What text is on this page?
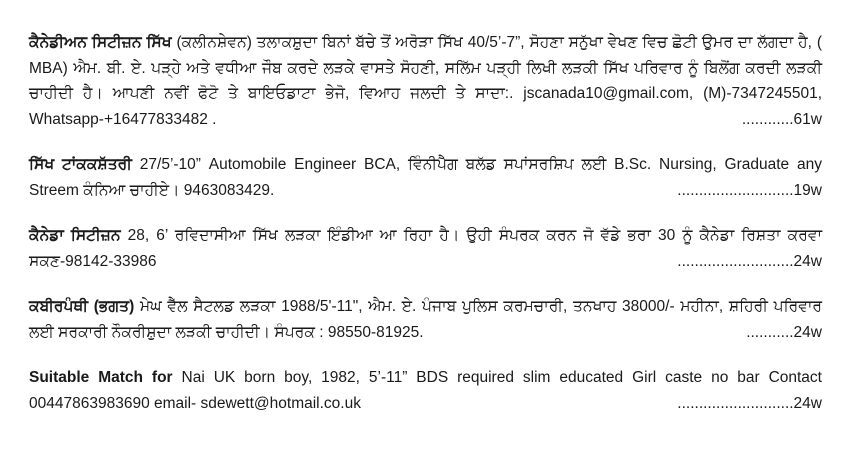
ਕੈਨੇਡੀਅਨ ਸਿਟੀਜ਼ਨ ਸਿੱਖ (ਕਲੀਨਸ਼ੇਵਨ) ਤਲਾਕਸ਼ੁਦਾ ਬਿਨਾਂ ਬੱਚੇ ਤੋਂ ਅਰੋੜਾ ਸਿੱਖ 40/5’-7”, ਸੋਹਣਾ ਸਨੁੱਖਾ ਵੇਖਣ ਵਿਚ ਛੋਟੀ ਉਮਰ ਦਾ ਲੱਗਦਾ ਹੈ, ( MBA) ਐਮ. ਬੀ. ਏ. ਪੜ੍ਹੇ ਅਤੇ ਵਧੀਆ ਜੌਬ ਕਰਦੇ ਲੜਕੇ ਵਾਸਤੇ ਸੋਹਣੀ, ਸਲਿੱਮ ਪੜ੍ਹੀ ਲਿਖੀ ਲੜਕੀ ਸਿੱਖ ਪਰਿਵਾਰ ਨੂੰ ਬਿਲੋਂਗ ਕਰਦੀ ਲੜਕੀ ਚਾਹੀਦੀ ਹੈ। ਆਪਣੀ ਨਵੀਂ ਫੋਟੋ ਤੇ ਬਾਇਓਡਾਟਾ ਭੇਜੋ, ਵਿਆਹ ਜਲਦੀ ਤੇ ਸਾਦਾ:. jscanada10@gmail.com, (M)-7347245501, Whatsapp-+16477833482 .	............61w

ਸਿੱਖ ਟਾਂਕਕਸ਼ੱਤਰੀ 27/5’-10” Automobile Engineer BCA, ਵਿੰਨੀਪੈੱਗ ਬਲੱਡ ਸਪਾਂਸਰਸ਼ਿਪ ਲਈ B.Sc. Nursing, Graduate any Streem ਕੰਨਿਆ ਚਾਹੀਏ। 9463083429.	...........................19w

ਕੈਨੇਡਾ ਸਿਟੀਜ਼ਨ 28, 6’ ਰਵਿਦਾਸੀਆ ਸਿੱਖ ਲੜਕਾ ਇੰਡੀਆ ਆ ਰਿਹਾ ਹੈ। ਉਹੀ ਸੰਪਰਕ ਕਰਨ ਜੋ ਵੱਡੇ ਭਰਾ 30 ਨੂੰ ਕੈਨੇਡਾ ਰਿਸ਼ਤਾ ਕਰਵਾ ਸਕਣ-98142-33986	...........................24w

ਕਬੀਰਪੰਥੀ (ਭਗਤ) ਮੇਘ ਵੈੱਲ ਸੈਟਲਡ ਲੜਕਾ 1988/5'-11", ਐਮ. ਏ. ਪੰਜਾਬ ਪੁਲਿਸ ਕਰਮਚਾਰੀ, ਤਨਖਾਹ 38000/- ਮਹੀਨਾ, ਸ਼ਹਿਰੀ ਪਰਿਵਾਰ ਲਈ ਸਰਕਾਰੀ ਨੌਕਰੀਸ਼ੁਦਾ ਲੜਕੀ ਚਾਹੀਦੀ। ਸੰਪਰਕ : 98550-81925.	...........24w

Suitable Match for Nai UK born boy, 1982, 5’-11” BDS required slim educated Girl caste no bar Contact 00447863983690 email- sdewett@hotmail.co.uk	...........................24w
